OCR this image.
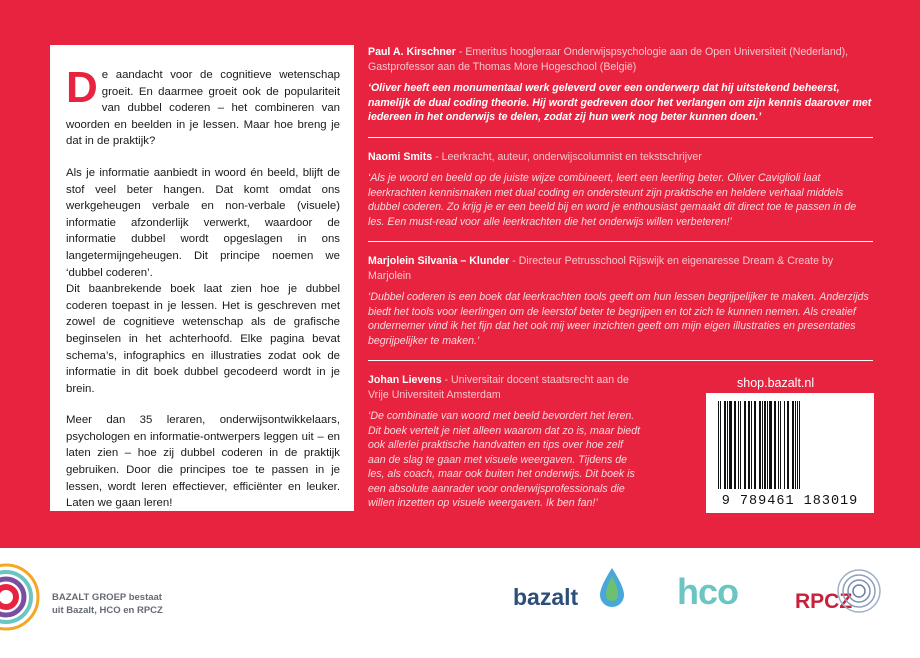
De aandacht voor de cognitieve wetenschap groeit. En daarmee groeit ook de populariteit van dubbel coderen – het combineren van woorden en beelden in je lessen. Maar hoe breng je dat in de praktijk?

Als je informatie aanbiedt in woord én beeld, blijft de stof veel beter hangen. Dat komt omdat ons werkgeheugen verbale en non-verbale (visuele) informatie afzonderlijk verwerkt, waardoor de informatie dubbel wordt opgeslagen in ons langetermijngeheugen. Dit principe noemen we ‘dubbel coderen’.

Dit baanbrekende boek laat zien hoe je dubbel coderen toepast in je lessen. Het is geschreven met zowel de cognitieve wetenschap als de grafische beginselen in het achterhoofd. Elke pagina bevat schema’s, infographics en illustraties zodat ook de informatie in dit boek dubbel gecodeerd wordt in je brein.

Meer dan 35 leraren, onderwijsontwikkelaars, psychologen en informatie-ontwerpers leggen uit – en laten zien – hoe zij dubbel coderen in de praktijk gebruiken. Door die principes toe te passen in je lessen, wordt leren effectiever, efficiënter en leuker. Laten we gaan leren!

Paul A. Kirschner - Emeritus hoogleraar Onderwijspsychologie aan de Open Universiteit (Nederland), Gastprofessor aan de Thomas More Hogeschool (België)
‘Oliver heeft een monumentaal werk geleverd over een onderwerp dat hij uitstekend beheerst, namelijk de dual coding theorie. Hij wordt gedreven door het verlangen om zijn kennis daarover met iedereen in het onderwijs te delen, zodat zij hun werk nog beter kunnen doen.’
Naomi Smits - Leerkracht, auteur, onderwijscolumnist en tekstschrijver
‘Als je woord en beeld op de juiste wijze combineert, leert een leerling beter. Oliver Caviglioli laat leerkrachten kennismaken met dual coding en ondersteunt zijn praktische en heldere verhaal middels dubbel coderen. Zo krijg je er een beeld bij en word je enthousiast gemaakt dit direct toe te passen in de les. Een must-read voor alle leerkrachten die het onderwijs willen verbeteren!’
Marjolein Silvania – Klunder - Directeur Petrusschool Rijswijk en eigenaresse Dream & Create by Marjolein
‘Dubbel coderen is een boek dat leerkrachten tools geeft om hun lessen begrijpelijker te maken. Anderzijds biedt het tools voor leerlingen om de leerstof beter te begrijpen en tot zich te kunnen nemen. Als creatief ondernemer vind ik het fijn dat het ook mij weer inzichten geeft om mijn eigen illustraties en presentaties begrijpelijker te maken.’
Johan Lievens - Universitair docent staatsrecht aan de Vrije Universiteit Amsterdam
‘De combinatie van woord met beeld bevordert het leren. Dit boek vertelt je niet alleen waarom dat zo is, maar biedt ook allerlei praktische handvatten en tips over hoe zelf aan de slag te gaan met visuele weergaven. Tijdens de les, als coach, maar ook buiten het onderwijs. Dit boek is een absolute aanrader voor onderwijsprofessionals die willen inzetten op visuele weergaven. Ik ben fan!’
shop.bazalt.nl
9 789461 183019
BAZALT GROEP bestaat
uit Bazalt, HCO en RPCZ
bazalt	hco	RPCZ
